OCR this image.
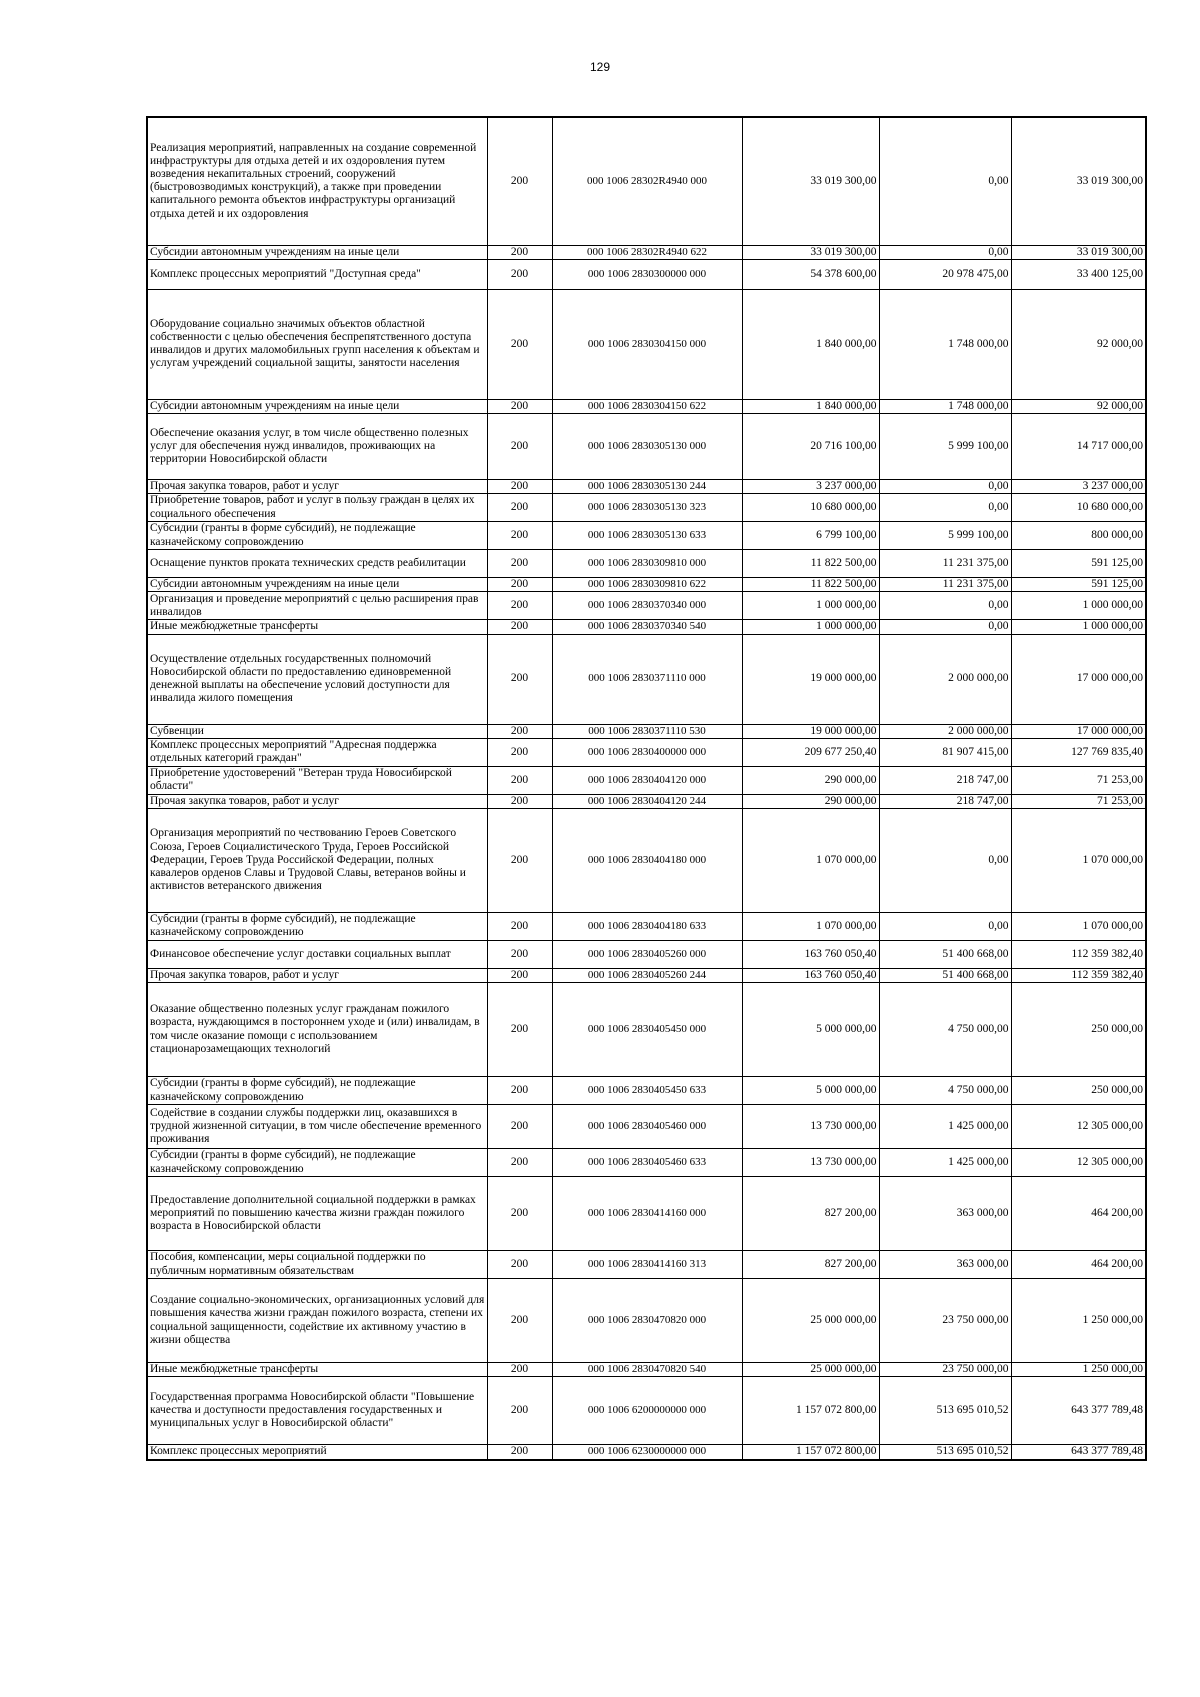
129
Реализация мероприятий, направленных на создание современной инфраструктуры для отдыха детей и их оздоровления путем возведения некапитальных строений, сооружений (быстровозводимых конструкций), а также при проведении капитального ремонта объектов инфраструктуры организаций отдыха детей и их оздоровления	200	000 1006 28302R4940 000	33 019 300,00	0,00	33 019 300,00
Субсидии автономным учреждениям на иные цели	200	000 1006 28302R4940 622	33 019 300,00	0,00	33 019 300,00
Комплекс процессных мероприятий "Доступная среда"	200	000 1006 2830300000 000	54 378 600,00	20 978 475,00	33 400 125,00
Оборудование социально значимых объектов областной собственности с целью обеспечения беспрепятственного доступа инвалидов и других маломобильных групп населения к объектам и услугам учреждений социальной защиты, занятости населения	200	000 1006 2830304150 000	1 840 000,00	1 748 000,00	92 000,00
Субсидии автономным учреждениям на иные цели	200	000 1006 2830304150 622	1 840 000,00	1 748 000,00	92 000,00
Обеспечение оказания услуг, в том числе общественно полезных услуг для обеспечения нужд инвалидов, проживающих на территории Новосибирской области	200	000 1006 2830305130 000	20 716 100,00	5 999 100,00	14 717 000,00
Прочая закупка товаров, работ и услуг	200	000 1006 2830305130 244	3 237 000,00	0,00	3 237 000,00
Приобретение товаров, работ и услуг в пользу граждан в целях их социального обеспечения	200	000 1006 2830305130 323	10 680 000,00	0,00	10 680 000,00
Субсидии (гранты в форме субсидий), не подлежащие казначейскому сопровождению	200	000 1006 2830305130 633	6 799 100,00	5 999 100,00	800 000,00
Оснащение пунктов проката технических средств реабилитации	200	000 1006 2830309810 000	11 822 500,00	11 231 375,00	591 125,00
Субсидии автономным учреждениям на иные цели	200	000 1006 2830309810 622	11 822 500,00	11 231 375,00	591 125,00
Организация и проведение мероприятий с целью расширения прав инвалидов	200	000 1006 2830370340 000	1 000 000,00	0,00	1 000 000,00
Иные межбюджетные трансферты	200	000 1006 2830370340 540	1 000 000,00	0,00	1 000 000,00
Осуществление отдельных государственных полномочий Новосибирской области по предоставлению единовременной денежной выплаты на обеспечение условий доступности для инвалида жилого помещения	200	000 1006 2830371110 000	19 000 000,00	2 000 000,00	17 000 000,00
Субвенции	200	000 1006 2830371110 530	19 000 000,00	2 000 000,00	17 000 000,00
Комплекс процессных мероприятий "Адресная поддержка отдельных категорий граждан"	200	000 1006 2830400000 000	209 677 250,40	81 907 415,00	127 769 835,40
Приобретение удостоверений "Ветеран труда Новосибирской области"	200	000 1006 2830404120 000	290 000,00	218 747,00	71 253,00
Прочая закупка товаров, работ и услуг	200	000 1006 2830404120 244	290 000,00	218 747,00	71 253,00
Организация мероприятий по чествованию Героев Советского Союза, Героев Социалистического Труда, Героев Российской Федерации, Героев Труда Российской Федерации, полных кавалеров орденов Славы и Трудовой Славы, ветеранов войны и активистов ветеранского движения	200	000 1006 2830404180 000	1 070 000,00	0,00	1 070 000,00
Субсидии (гранты в форме субсидий), не подлежащие казначейскому сопровождению	200	000 1006 2830404180 633	1 070 000,00	0,00	1 070 000,00
Финансовое обеспечение услуг доставки социальных выплат	200	000 1006 2830405260 000	163 760 050,40	51 400 668,00	112 359 382,40
Прочая закупка товаров, работ и услуг	200	000 1006 2830405260 244	163 760 050,40	51 400 668,00	112 359 382,40
Оказание общественно полезных услуг гражданам пожилого возраста, нуждающимся в постороннем уходе и (или) инвалидам, в том числе оказание помощи с использованием стационарозамещающих технологий	200	000 1006 2830405450 000	5 000 000,00	4 750 000,00	250 000,00
Субсидии (гранты в форме субсидий), не подлежащие казначейскому сопровождению	200	000 1006 2830405450 633	5 000 000,00	4 750 000,00	250 000,00
Содействие в создании службы поддержки лиц, оказавшихся в трудной жизненной ситуации, в том числе обеспечение временного проживания	200	000 1006 2830405460 000	13 730 000,00	1 425 000,00	12 305 000,00
Субсидии (гранты в форме субсидий), не подлежащие казначейскому сопровождению	200	000 1006 2830405460 633	13 730 000,00	1 425 000,00	12 305 000,00
Предоставление дополнительной социальной поддержки в рамках мероприятий по повышению качества жизни граждан пожилого возраста в Новосибирской области	200	000 1006 2830414160 000	827 200,00	363 000,00	464 200,00
Пособия, компенсации, меры социальной поддержки по публичным нормативным обязательствам	200	000 1006 2830414160 313	827 200,00	363 000,00	464 200,00
Создание социально-экономических, организационных условий для повышения качества жизни граждан пожилого возраста, степени их социальной защищенности, содействие их активному участию в жизни общества	200	000 1006 2830470820 000	25 000 000,00	23 750 000,00	1 250 000,00
Иные межбюджетные трансферты	200	000 1006 2830470820 540	25 000 000,00	23 750 000,00	1 250 000,00
Государственная программа Новосибирской области "Повышение качества и доступности предоставления государственных и муниципальных услуг в Новосибирской области"	200	000 1006 6200000000 000	1 157 072 800,00	513 695 010,52	643 377 789,48
Комплекс процессных мероприятий	200	000 1006 6230000000 000	1 157 072 800,00	513 695 010,52	643 377 789,48
